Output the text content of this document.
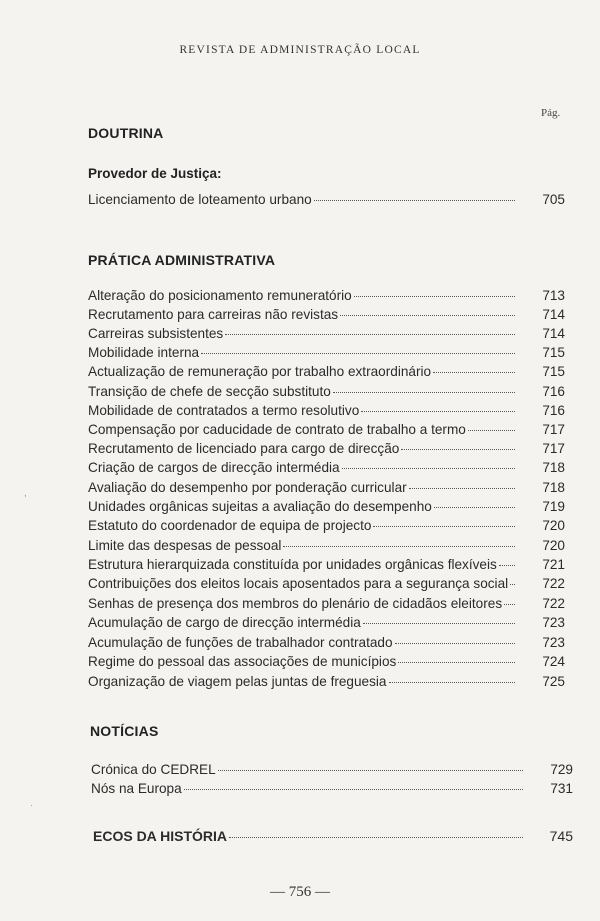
REVISTA DE ADMINISTRAÇÃO LOCAL
Pág.
DOUTRINA
Provedor de Justiça:
Licenciamento de loteamento urbano	705
PRÁTICA ADMINISTRATIVA
Alteração do posicionamento remuneratório	713
Recrutamento para carreiras não revistas	714
Carreiras subsistentes	714
Mobilidade interna	715
Actualização de remuneração por trabalho extraordinário	715
Transição de chefe de secção substituto	716
Mobilidade de contratados a termo resolutivo	716
Compensação por caducidade de contrato de trabalho a termo	717
Recrutamento de licenciado para cargo de direcção	717
Criação de cargos de direcção intermédia	718
Avaliação do desempenho por ponderação curricular	718
Unidades orgânicas sujeitas a avaliação do desempenho	719
Estatuto do coordenador de equipa de projecto	720
Limite das despesas de pessoal	720
Estrutura hierarquizada constituída por unidades orgânicas flexíveis	721
Contribuições dos eleitos locais aposentados para a segurança social	722
Senhas de presença dos membros do plenário de cidadãos eleitores	722
Acumulação de cargo de direcção intermédia	723
Acumulação de funções de trabalhador contratado	723
Regime do pessoal das associações de municípios	724
Organização de viagem pelas juntas de freguesia	725
NOTÍCIAS
Crónica do CEDREL	729
Nós na Europa	731
ECOS DA HISTÓRIA	745
— 756 —
,
·
